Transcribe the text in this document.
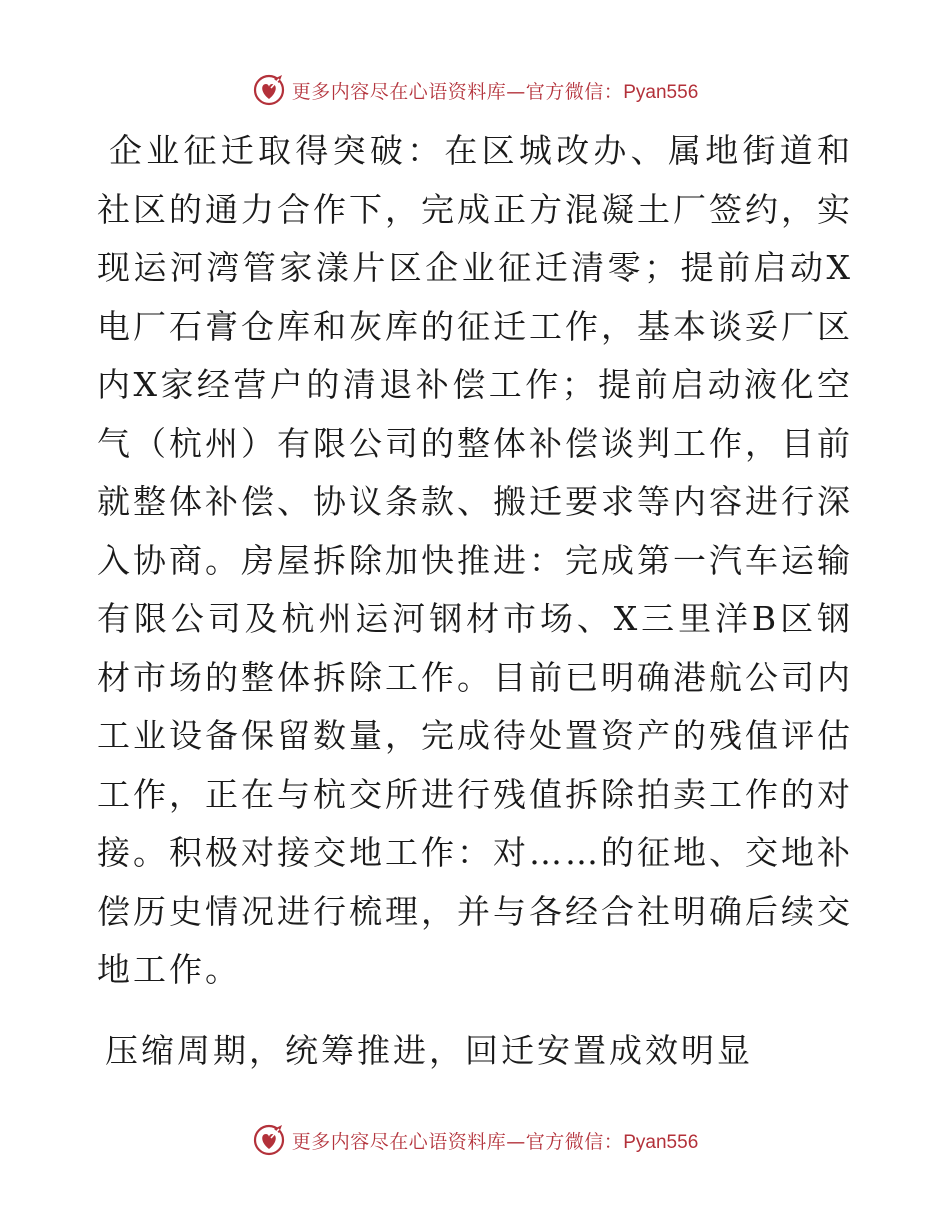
更多内容尽在心语资料库—官方微信：Pyan556

企业征迁取得突破：在区城改办、属地街道和社区的通力合作下，完成正方混凝土厂签约，实现运河湾管家漾片区企业征迁清零；提前启动X电厂石膏仓库和灰库的征迁工作，基本谈妥厂区内X家经营户的清退补偿工作；提前启动液化空气（杭州）有限公司的整体补偿谈判工作，目前就整体补偿、协议条款、搬迁要求等内容进行深入协商。房屋拆除加快推进：完成第一汽车运输有限公司及杭州运河钢材市场、X三里洋B区钢材市场的整体拆除工作。目前已明确港航公司内工业设备保留数量，完成待处置资产的残值评估工作，正在与杭交所进行残值拆除拍卖工作的对接。积极对接交地工作：对……的征地、交地补偿历史情况进行梳理，并与各经合社明确后续交地工作。

压缩周期，统筹推进，回迁安置成效明显

更多内容尽在心语资料库—官方微信：Pyan556
